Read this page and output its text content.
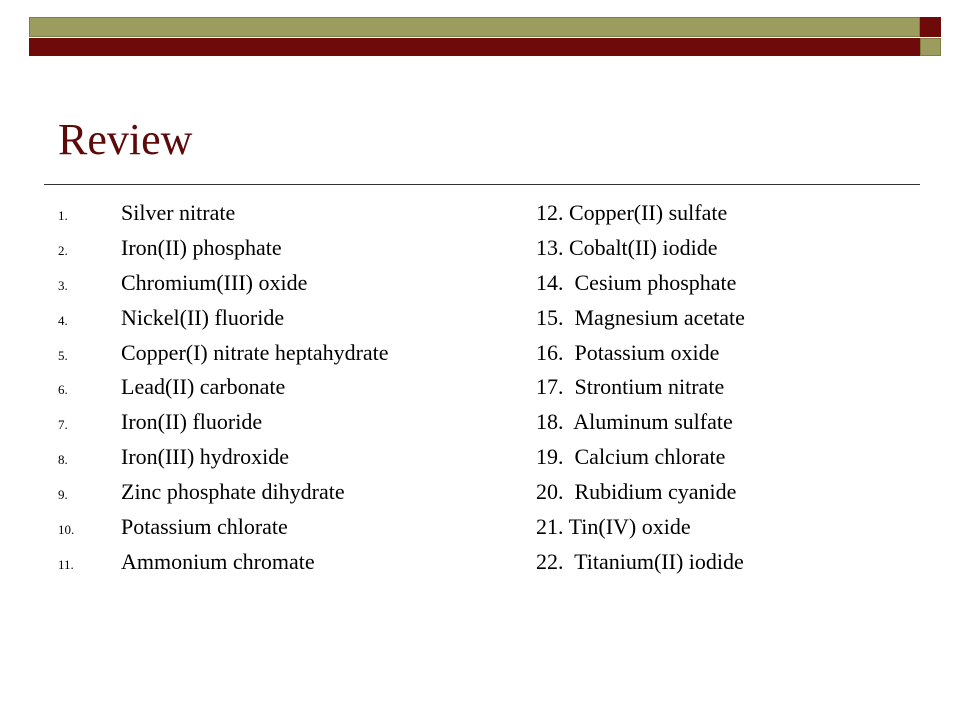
Review
1.	Silver nitrate
2.	Iron(II) phosphate
3.	Chromium(III) oxide
4.	Nickel(II) fluoride
5.	Copper(I) nitrate heptahydrate
6.	Lead(II) carbonate
7.	Iron(II) fluoride
8.	Iron(III) hydroxide
9.	Zinc phosphate dihydrate
10.	Potassium chlorate
11.	Ammonium chromate
12. Copper(II) sulfate
13. Cobalt(II) iodide
14.  Cesium phosphate
15.  Magnesium acetate
16.  Potassium oxide
17.  Strontium nitrate
18.  Aluminum sulfate
19.  Calcium chlorate
20.  Rubidium cyanide
21. Tin(IV) oxide
22.  Titanium(II) iodide
